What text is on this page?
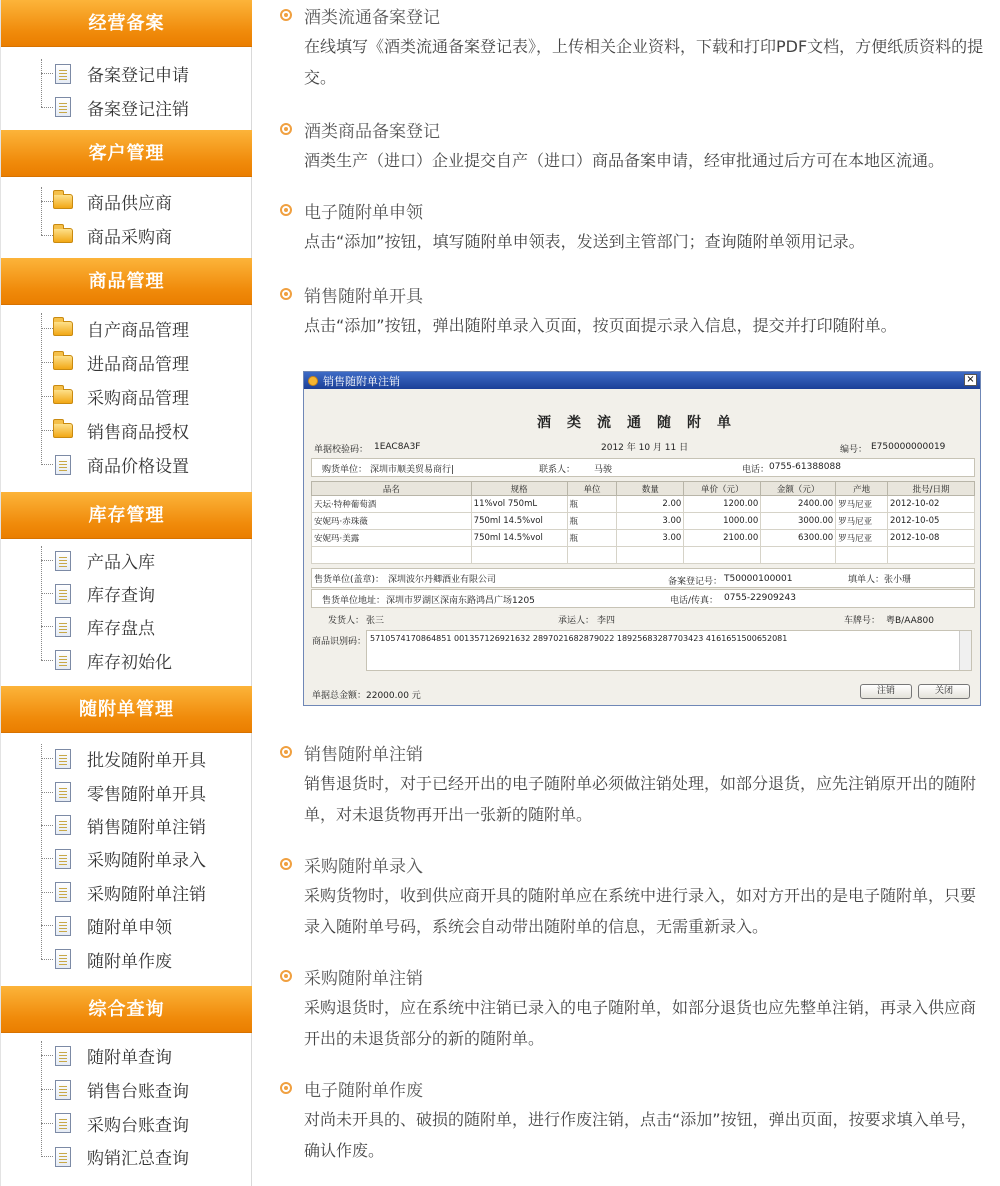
经营备案
备案登记申请
备案登记注销
客户管理
商品供应商
商品采购商
商品管理
自产商品管理
进品商品管理
采购商品管理
销售商品授权
商品价格设置
库存管理
产品入库
库存查询
库存盘点
库存初始化
随附单管理
批发随附单开具
零售随附单开具
销售随附单注销
采购随附单录入
采购随附单注销
随附单申领
随附单作废
综合查询
随附单查询
销售台账查询
采购台账查询
购销汇总查询
酒类流通备案登记
在线填写《酒类流通备案登记表》，上传相关企业资料，下载和打印PDF文档，方便纸质资料的提交。
酒类商品备案登记
酒类生产（进口）企业提交自产（进口）商品备案申请，经审批通过后方可在本地区流通。
电子随附单申领
点击“添加”按钮，填写随附单申领表，发送到主管部门；查询随附单领用记录。
销售随附单开具
点击“添加”按钮，弹出随附单录入页面，按页面提示录入信息，提交并打印随附单。
销售随附单注销
销售退货时，对于已经开出的电子随附单必须做注销处理，如部分退货，应先注销原开出的随附单，对未退货物再开出一张新的随附单。
采购随附单录入
采购货物时，收到供应商开具的随附单应在系统中进行录入，如对方开出的是电子随附单，只要录入随附单号码，系统会自动带出随附单的信息，无需重新录入。
采购随附单注销
采购退货时，应在系统中注销已录入的电子随附单，如部分退货也应先整单注销，再录入供应商开出的未退货部分的新的随附单。
电子随附单作废
对尚未开具的、破损的随附单，进行作废注销，点击“添加”按钮，弹出页面，按要求填入单号，确认作废。
销售随附单注销	×
酒类流通随附单
单据校验码： 1EAC8A3F	2012 年 10 月 11 日	编号： E750000000019
购货单位： 深圳市顺美贸易商行|	联系人： 马骏	电话： 0755-61388088
品名	规格	单位	数量	单价（元）	金额（元）	产地	批号/日期
天坛·特种葡萄酒	11%vol 750mL	瓶	2.00	1200.00	2400.00	罗马尼亚	2012-10-02
安妮玛·赤珠薇	750ml 14.5%vol	瓶	3.00	1000.00	3000.00	罗马尼亚	2012-10-05
安妮玛·美露	750ml 14.5%vol	瓶	3.00	2100.00	6300.00	罗马尼亚	2012-10-08

售货单位(盖章)： 深圳波尔丹卿酒业有限公司	备案登记号： T50000100001	填单人： 张小珊
售货单位地址： 深圳市罗湖区深南东路鸿昌广场1205	电话/传真： 0755-22909243
发货人： 张三	承运人： 李四	车牌号： 粤B/AA800
商品识别码： 5710574170864851 001357126921632 2897021682879022 18925683287703423 4161651500652081
单据总金额： 22000.00 元	注销	关闭
